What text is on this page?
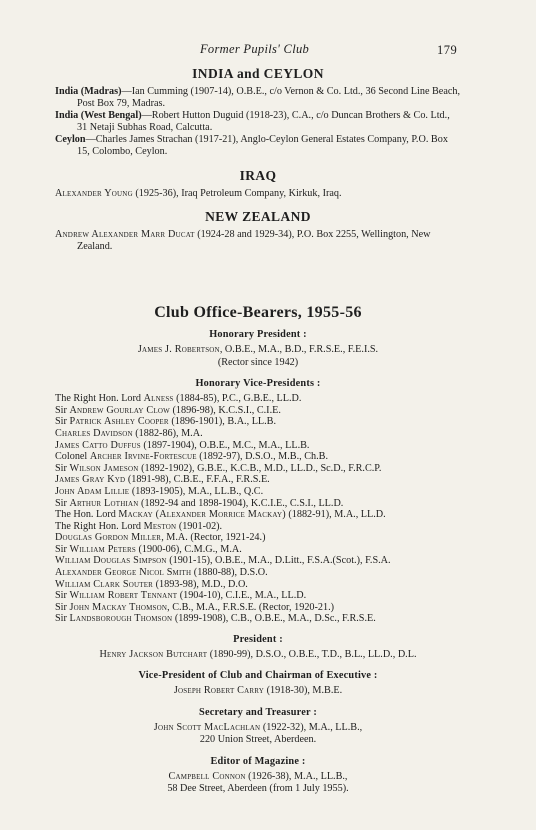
Former Pupils' Club	179
INDIA and CEYLON

India (Madras)—Ian Cumming (1907-14), O.B.E., c/o Vernon & Co. Ltd., 36 Second Line Beach, Post Box 79, Madras.

India (West Bengal)—Robert Hutton Duguid (1918-23), C.A., c/o Duncan Brothers & Co. Ltd., 31 Netaji Subhas Road, Calcutta.

Ceylon—Charles James Strachan (1917-21), Anglo-Ceylon General Estates Company, P.O. Box 15, Colombo, Ceylon.

IRAQ

Alexander Young (1925-36), Iraq Petroleum Company, Kirkuk, Iraq.

NEW ZEALAND

Andrew Alexander Marr Ducat (1924-28 and 1929-34), P.O. Box 2255, Wellington, New Zealand.

Club Office-Bearers, 1955-56
Honorary President :

James J. Robertson, O.B.E., M.A., B.D., F.R.S.E., F.E.I.S.

(Rector since 1942)

Honorary Vice-Presidents :
The Right Hon. Lord Alness (1884-85), P.C., G.B.E., LL.D.
Sir Andrew Gourlay Clow (1896-98), K.C.S.I., C.I.E.
Sir Patrick Ashley Cooper (1896-1901), B.A., LL.B.
Charles Davidson (1882-86), M.A.
James Catto Duffus (1897-1904), O.B.E., M.C., M.A., LL.B.
Colonel Archer Irvine-Fortescue (1892-97), D.S.O., M.B., Ch.B.
Sir Wilson Jameson (1892-1902), G.B.E., K.C.B., M.D., LL.D., Sc.D., F.R.C.P.
James Gray Kyd (1891-98), C.B.E., F.F.A., F.R.S.E.
John Adam Lillie (1893-1905), M.A., LL.B., Q.C.
Sir Arthur Lothian (1892-94 and 1898-1904), K.C.I.E., C.S.I., LL.D.
The Hon. Lord Mackay (Alexander Morrice Mackay) (1882-91), M.A., LL.D.
The Right Hon. Lord Meston (1901-02).
Douglas Gordon Miller, M.A. (Rector, 1921-24.)
Sir William Peters (1900-06), C.M.G., M.A.
William Douglas Simpson (1901-15), O.B.E., M.A., D.Litt., F.S.A.(Scot.), F.S.A.
Alexander George Nicol Smith (1880-88), D.S.O.
William Clark Souter (1893-98), M.D., D.O.
Sir William Robert Tennant (1904-10), C.I.E., M.A., LL.D.
Sir John Mackay Thomson, C.B., M.A., F.R.S.E. (Rector, 1920-21.)
Sir Landsborough Thomson (1899-1908), C.B., O.B.E., M.A., D.Sc., F.R.S.E.
President :

Henry Jackson Butchart (1890-99), D.S.O., O.B.E., T.D., B.L., LL.D., D.L.

Vice-President of Club and Chairman of Executive :

Joseph Robert Carry (1918-30), M.B.E.

Secretary and Treasurer :

John Scott MacLachlan (1922-32), M.A., LL.B.,

220 Union Street, Aberdeen.

Editor of Magazine :

Campbell Connon (1926-38), M.A., LL.B.,

58 Dee Street, Aberdeen (from 1 July 1955).
